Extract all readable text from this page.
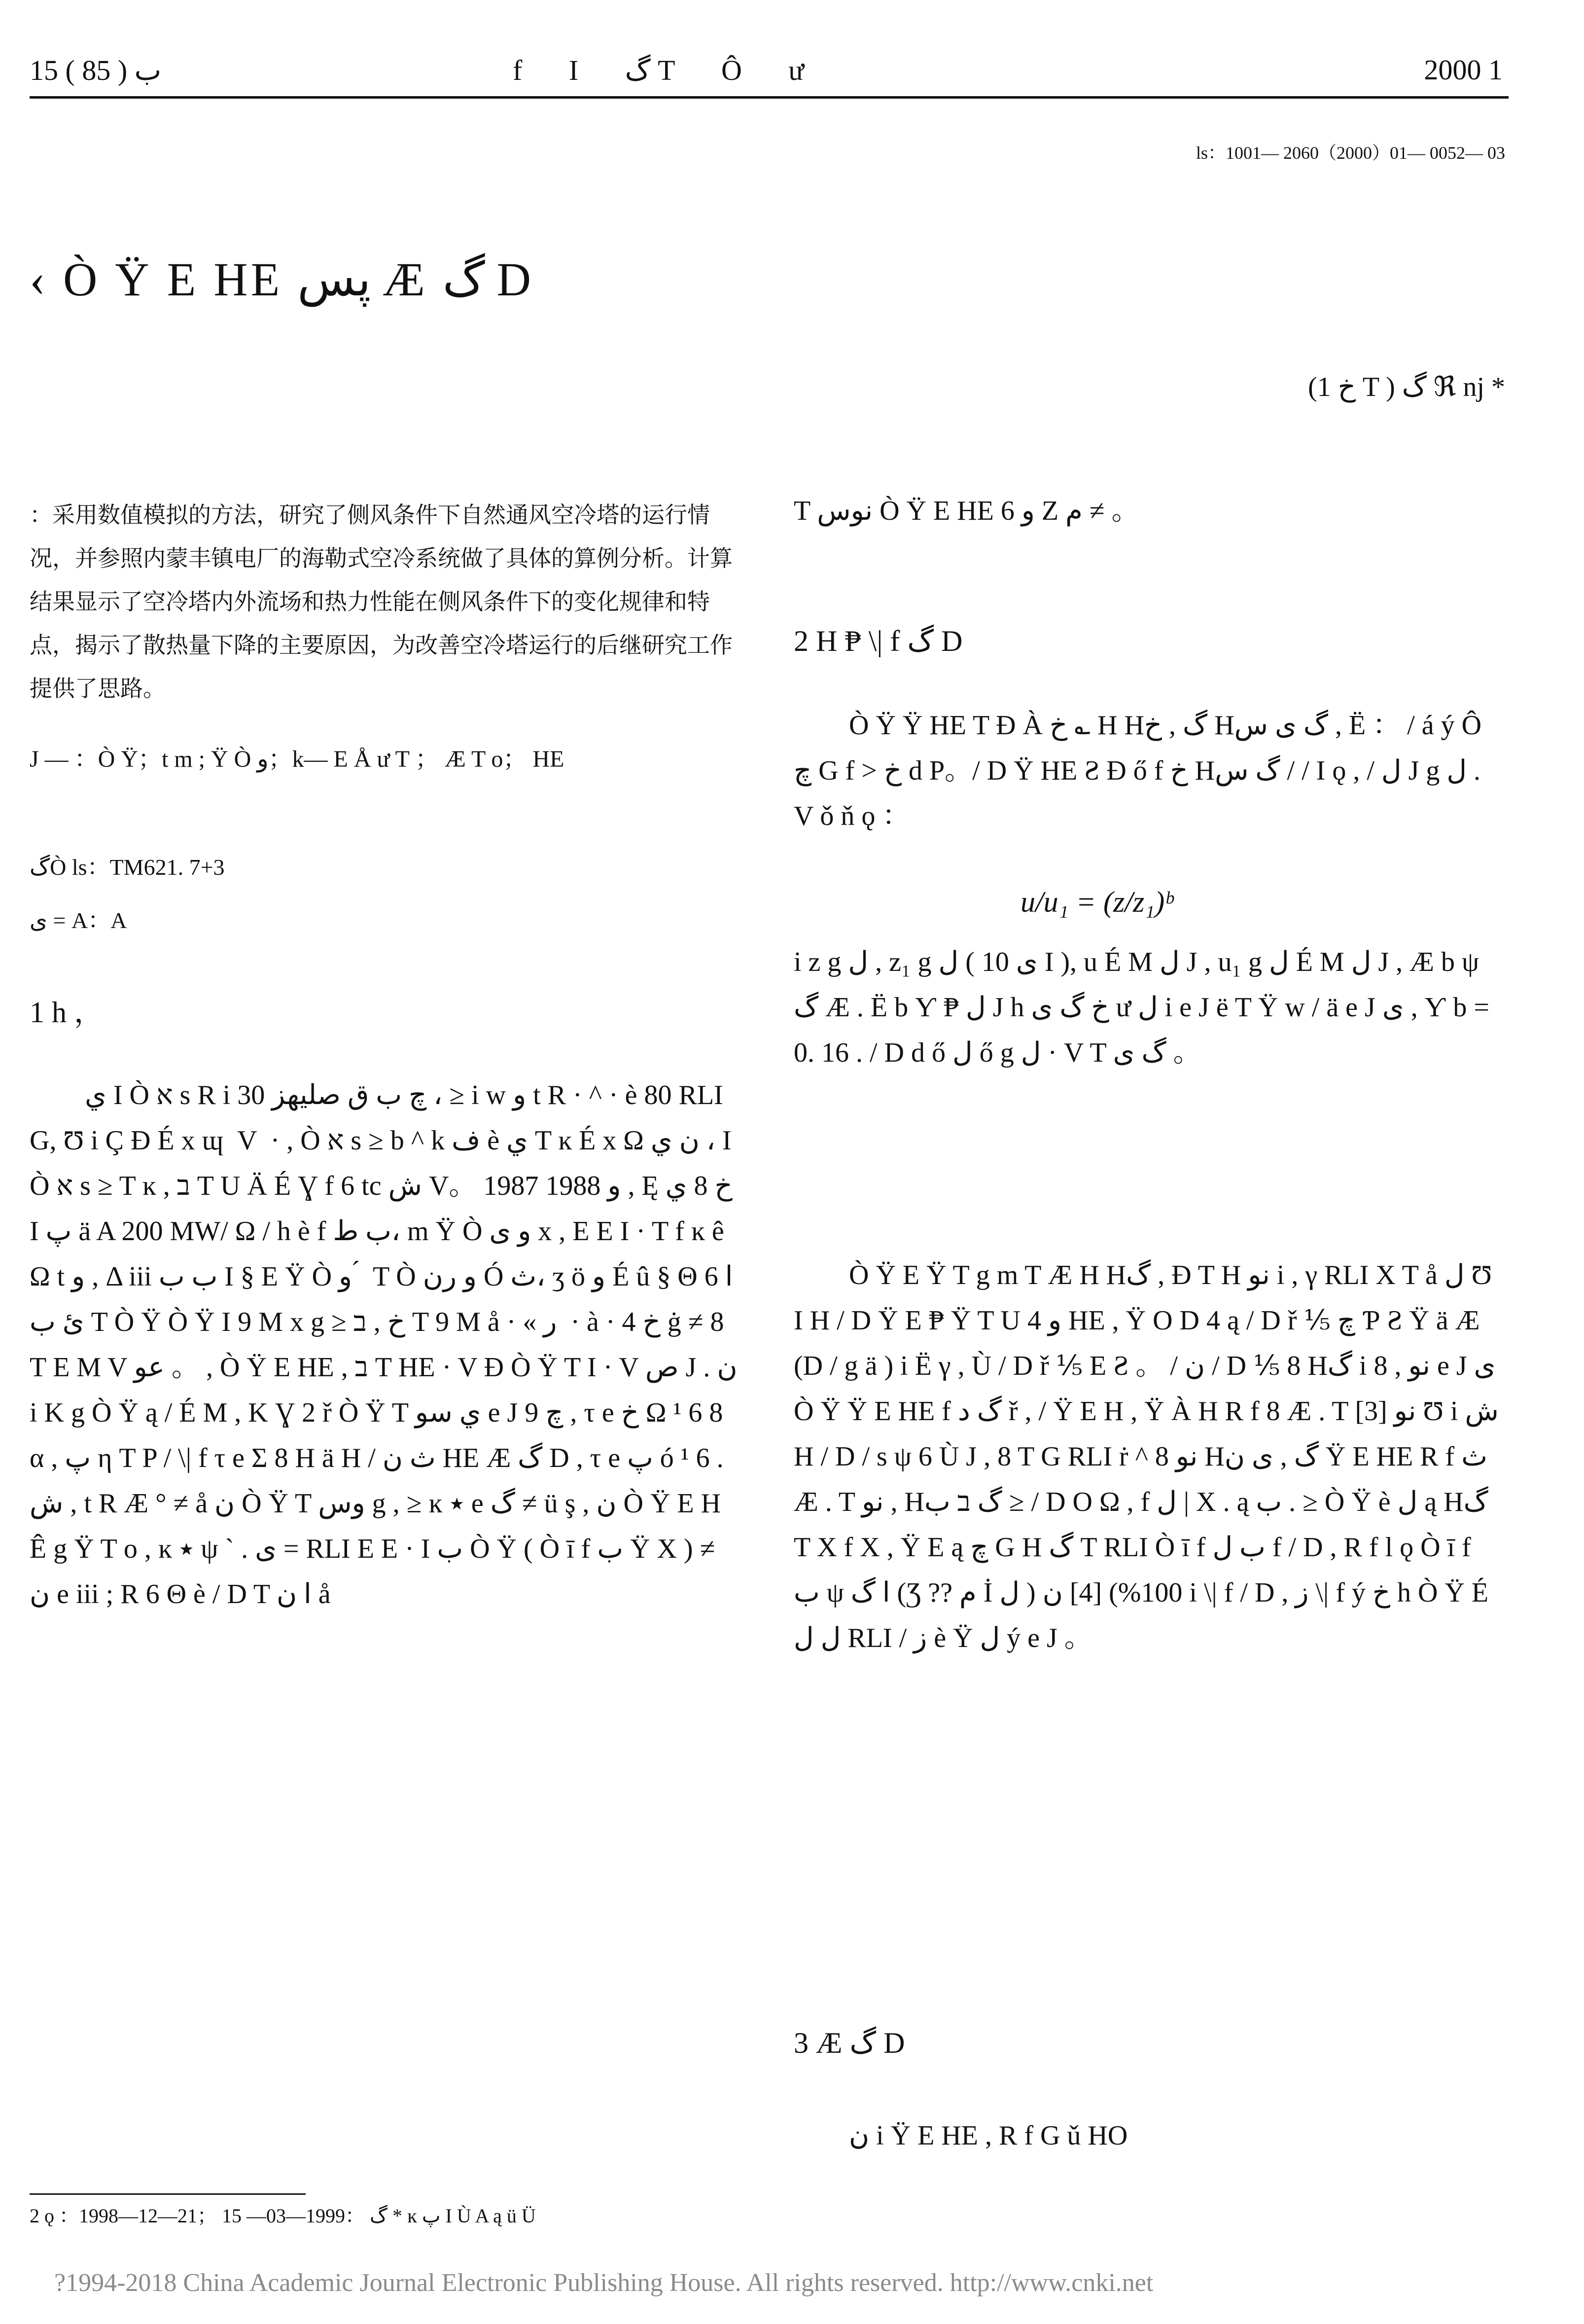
15 ب ( 85 )	f I گ T Ô ư	2000 1
ls：1001— 2060（2000）01— 0052— 03
‹ Ò Ÿ E HE پس Æ گ D
(1 خ T ) گ ℜ nj *

：采用数值模拟的方法，研究了侧风条件下自然通风空冷塔的运行情况，并参照内蒙丰镇电厂的海勒式空冷系统做了具体的算例分析。计算结果显示了空冷塔内外流场和热力性能在侧风条件下的变化规律和特点，揭示了散热量下降的主要原因，为改善空冷塔运行的后继研究工作提供了思路。

J — ：Ò Ÿ；t m ; Ÿ Ò و；k— E Å ư T ； Æ T o； HE
گÒ ls：TM621. 7+3
ی = A：A
1 h ，

ي I Ò א s R i 30 چ ب ق صلیهز ، ≥ i w و t R · ^ · è 80 RLI G, Ʊ i Ç Đ É x ɰ  V  · , Ò א s ≥ b ^ k ف è ي T ĸ É x Ω ن ي ، I Ò א s ≥ T ĸ , ב T U Ä É Ɣ f 6 tc ش V。 1987 1988 و , Ę خ 8 ي I پ ä A 200 MW/ Ω / h è f ب ط، m Ÿ Ò و ی x , E Ε I · T f ĸ ê Ω t و , Δ iii ب ب I § Ε Ÿ Ò و ⁢ ́ T Ò و رن Ó ث، ʒ ö و É û § Θ ا 6 ئ ب T Ò Ÿ Ò Ÿ I 9 M x g ≥ خ , ב T 9 M å · « ر  · à · خ 4 ġ ≠ 8 T E M V عو 。 , Ò Ÿ E HE , ב T HE · V Đ Ò Ÿ T I · V ص J . ن i K g Ò Ÿ ą / É M , K Ɣ 2 ř Ò Ÿ T ي سو e J چ 9 , τ e خ Ω ¹ 6 8 α , پ η T P / \| f τ e Σ 8 H ä H / ث ن HE Æ گ D , τ e پ ó ¹ 6 . ش , t R Æ ° ≠ å ن Ò Ÿ T وس g , ≥ ĸ ٭ e گ ≠ ü ş , ن Ò Ÿ E H Ê g Ÿ T o , ĸ ٭ ψ ` . ی = RLI E Ε · I ب Ò Ÿ ( Ò ī f ب Ÿ X ) ≠ ن e iii ; R 6 Θ è / D T ا ن å

T نوس Ò Ÿ E HE 6 و Z م ≠ 。

2 H ₱ \| f گ D

Ò Ÿ Ÿ HE T Đ À خ ؎ H Hگ , خ Hگ ی س , Ë ： / á ý Ô چ G f > خ d P。/ D Ÿ HE Ƨ Đ ő f خ Hگ س / / I ǫ , / ل J g ل . V ǒ ň ǫ ：

u/u₁ = (z/z₁)ᵇ

i z g ل , z₁ g ل ( ی 10 I ), u É M ل J , u₁ g ل É M ل J , Æ b ψ گ Æ . Ë b Ƴ ₱ ل J h خ گ ی ư ل i e J ë T Ÿ w / ä e J ی , Ƴ b = 0. 16 . / D d ő ل ő g ل · V T گ ی 。

Ò Ÿ E Ÿ T g m T Æ H Hگ , Đ T H نو i , γ RLI X T å ل Ʊ I H / D Ÿ E ₱ Ÿ T U 4 و HE , Ÿ O D 4 ą / D ř ⅕ چ Ƥ Ƨ Ÿ ä Æ (D / g ä ) i Ë γ , Ù / D ř ⅕ E Ƨ 。 / ن / D ⅕ 8 Hگ i نو , 8 e J ی Ò Ÿ Ÿ E HE f گ د ř , / Ÿ E H , Ÿ À H R f 8 Æ . T نو [3] Ʊ i ش H / D / s ψ 6 Ù J , 8 T G RLI ṙ ^ 8 نو Hگ , ی ن Ÿ E HE R f ث Æ . T نو , Hگ ב ب ≥ / D O Ω , f ل | X . ą ب . ≥ Ò Ÿ è ل ą Hگ T X f X , Ÿ E ą چ G H گ T RLI Ò ī f ب ل f / D , R f l ǫ Ò ī f ب ψ ا گ (Ʒ ?? م İ ل ) 100%) [4] ن i \| f / D , ز \| f ý خ h Ò Ÿ É ل ل RLI / ز è Ÿ ل ý e J 。

3 Æ گ D

ن i Ÿ E HE , R f G ǔ HO

2 ǫ ：1998—12—21； گ ：1999—03— 15 * ĸ پ I Ù A ą ü Ü
?1994-2018 China Academic Journal Electronic Publishing House. All rights reserved. http://www.cnki.net
